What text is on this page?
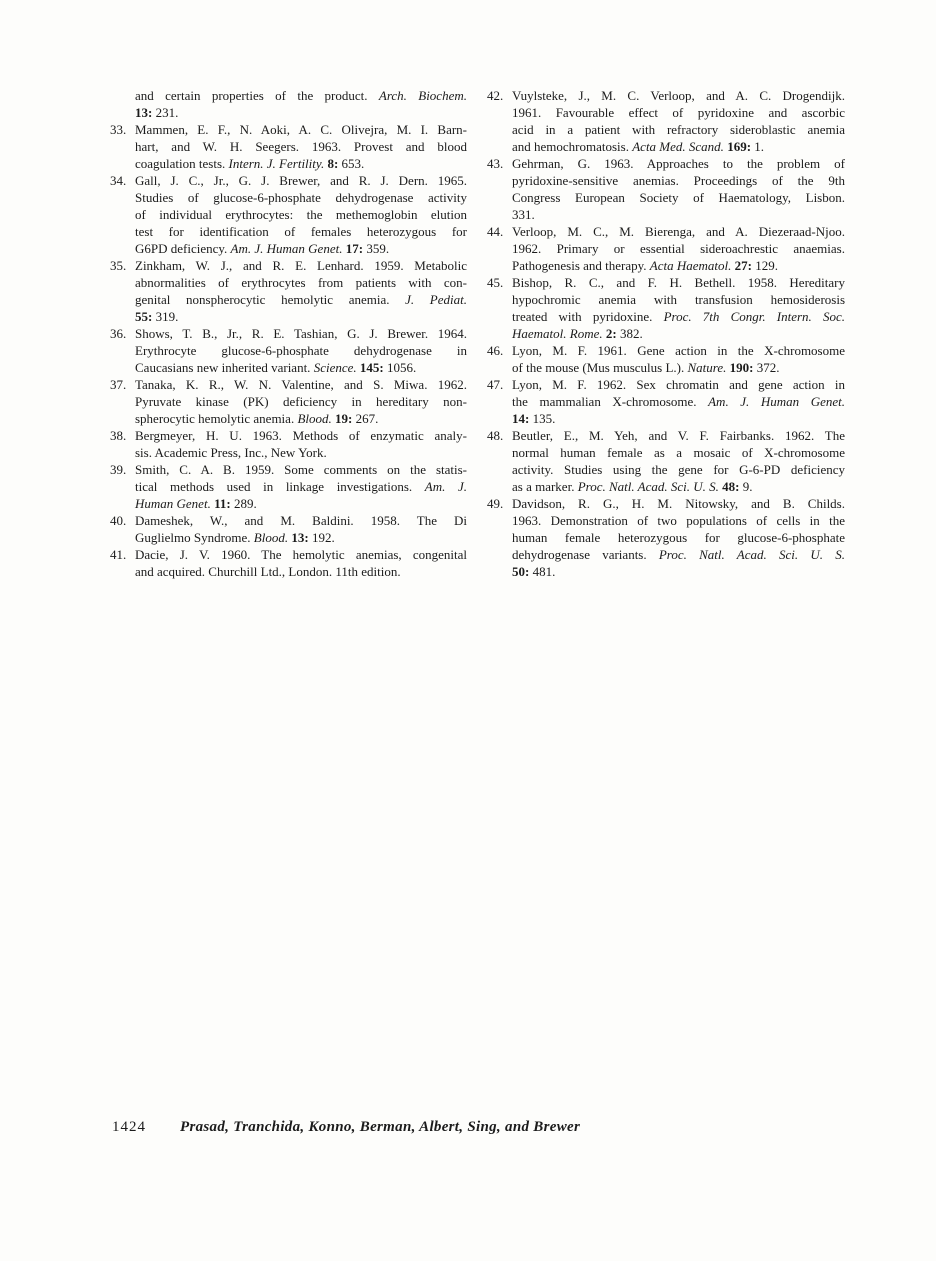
and certain properties of the product. Arch. Biochem.
13: 231.
33. Mammen, E. F., N. Aoki, A. C. Olivejra, M. I. Barn-
hart, and W. H. Seegers. 1963. Provest and blood
coagulation tests. Intern. J. Fertility. 8: 653.
34. Gall, J. C., Jr., G. J. Brewer, and R. J. Dern. 1965.
Studies of glucose-6-phosphate dehydrogenase activity
of individual erythrocytes: the methemoglobin elution
test for identification of females heterozygous for
G6PD deficiency. Am. J. Human Genet. 17: 359.
35. Zinkham, W. J., and R. E. Lenhard. 1959. Metabolic
abnormalities of erythrocytes from patients with con-
genital nonspherocytic hemolytic anemia. J. Pediat.
55: 319.
36. Shows, T. B., Jr., R. E. Tashian, G. J. Brewer. 1964.
Erythrocyte glucose-6-phosphate dehydrogenase in
Caucasians new inherited variant. Science. 145: 1056.
37. Tanaka, K. R., W. N. Valentine, and S. Miwa. 1962.
Pyruvate kinase (PK) deficiency in hereditary non-
spherocytic hemolytic anemia. Blood. 19: 267.
38. Bergmeyer, H. U. 1963. Methods of enzymatic analy-
sis. Academic Press, Inc., New York.
39. Smith, C. A. B. 1959. Some comments on the statis-
tical methods used in linkage investigations. Am. J.
Human Genet. 11: 289.
40. Dameshek, W., and M. Baldini. 1958. The Di
Guglielmo Syndrome. Blood. 13: 192.
41. Dacie, J. V. 1960. The hemolytic anemias, congenital
and acquired. Churchill Ltd., London. 11th edition.
42. Vuylsteke, J., M. C. Verloop, and A. C. Drogendijk.
1961. Favourable effect of pyridoxine and ascorbic
acid in a patient with refractory sideroblastic anemia
and hemochromatosis. Acta Med. Scand. 169: 1.
43. Gehrman, G. 1963. Approaches to the problem of
pyridoxine-sensitive anemias. Proceedings of the 9th
Congress European Society of Haematology, Lisbon.
331.
44. Verloop, M. C., M. Bierenga, and A. Diezeraad-Njoo.
1962. Primary or essential sideroachrestic anaemias.
Pathogenesis and therapy. Acta Haematol. 27: 129.
45. Bishop, R. C., and F. H. Bethell. 1958. Hereditary
hypochromic anemia with transfusion hemosiderosis
treated with pyridoxine. Proc. 7th Congr. Intern. Soc.
Haematol. Rome. 2: 382.
46. Lyon, M. F. 1961. Gene action in the X-chromosome
of the mouse (Mus musculus L.). Nature. 190: 372.
47. Lyon, M. F. 1962. Sex chromatin and gene action in
the mammalian X-chromosome. Am. J. Human Genet.
14: 135.
48. Beutler, E., M. Yeh, and V. F. Fairbanks. 1962. The
normal human female as a mosaic of X-chromosome
activity. Studies using the gene for G-6-PD deficiency
as a marker. Proc. Natl. Acad. Sci. U. S. 48: 9.
49. Davidson, R. G., H. M. Nitowsky, and B. Childs.
1963. Demonstration of two populations of cells in the
human female heterozygous for glucose-6-phosphate
dehydrogenase variants. Proc. Natl. Acad. Sci. U. S.
50: 481.
1424 Prasad, Tranchida, Konno, Berman, Albert, Sing, and Brewer
